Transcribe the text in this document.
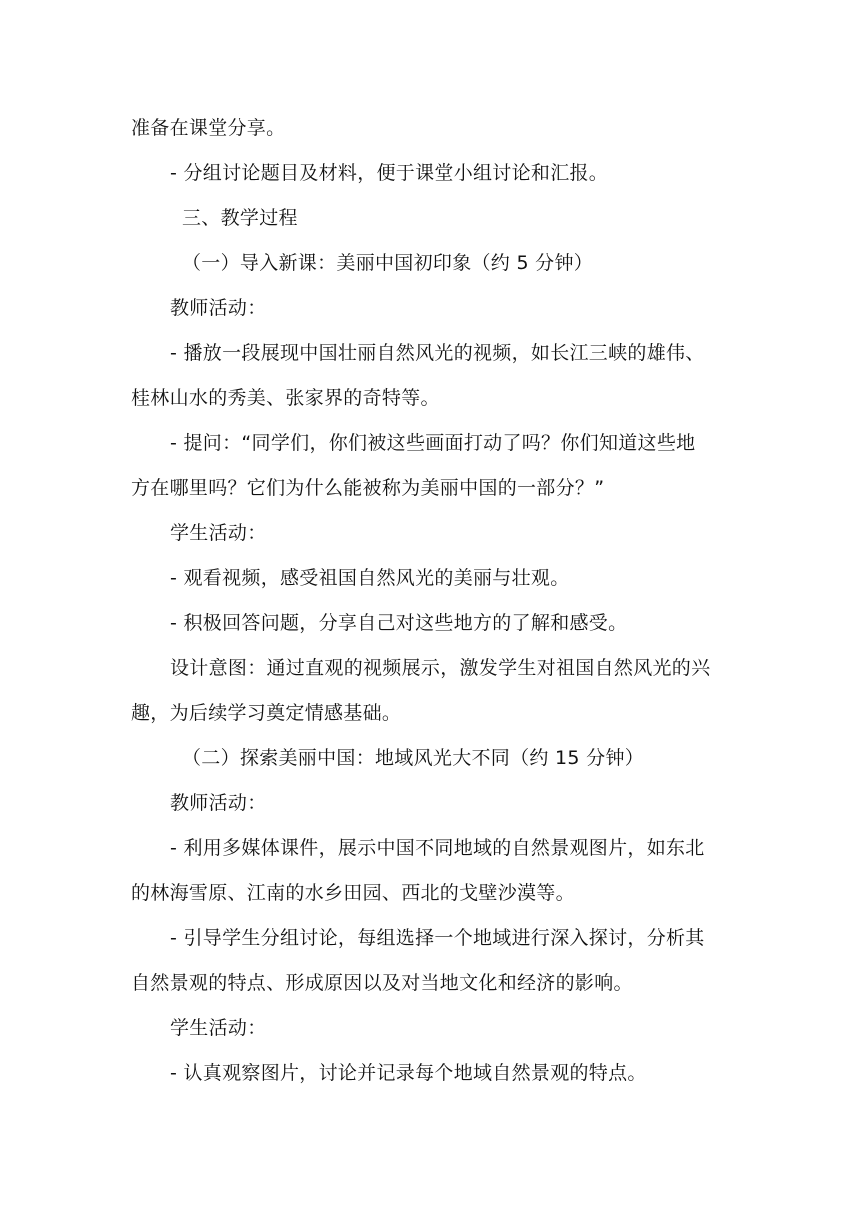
准备在课堂分享。
- 分组讨论题目及材料，便于课堂小组讨论和汇报。
三、教学过程
（一）导入新课：美丽中国初印象（约 5 分钟）
教师活动：
- 播放一段展现中国壮丽自然风光的视频，如长江三峡的雄伟、
桂林山水的秀美、张家界的奇特等。
- 提问：“同学们，你们被这些画面打动了吗？你们知道这些地
方在哪里吗？它们为什么能被称为美丽中国的一部分？”
学生活动：
- 观看视频，感受祖国自然风光的美丽与壮观。
- 积极回答问题，分享自己对这些地方的了解和感受。
设计意图：通过直观的视频展示，激发学生对祖国自然风光的兴
趣，为后续学习奠定情感基础。
（二）探索美丽中国：地域风光大不同（约 15 分钟）
教师活动：
- 利用多媒体课件，展示中国不同地域的自然景观图片，如东北
的林海雪原、江南的水乡田园、西北的戈壁沙漠等。
- 引导学生分组讨论，每组选择一个地域进行深入探讨，分析其
自然景观的特点、形成原因以及对当地文化和经济的影响。
学生活动：
- 认真观察图片，讨论并记录每个地域自然景观的特点。
